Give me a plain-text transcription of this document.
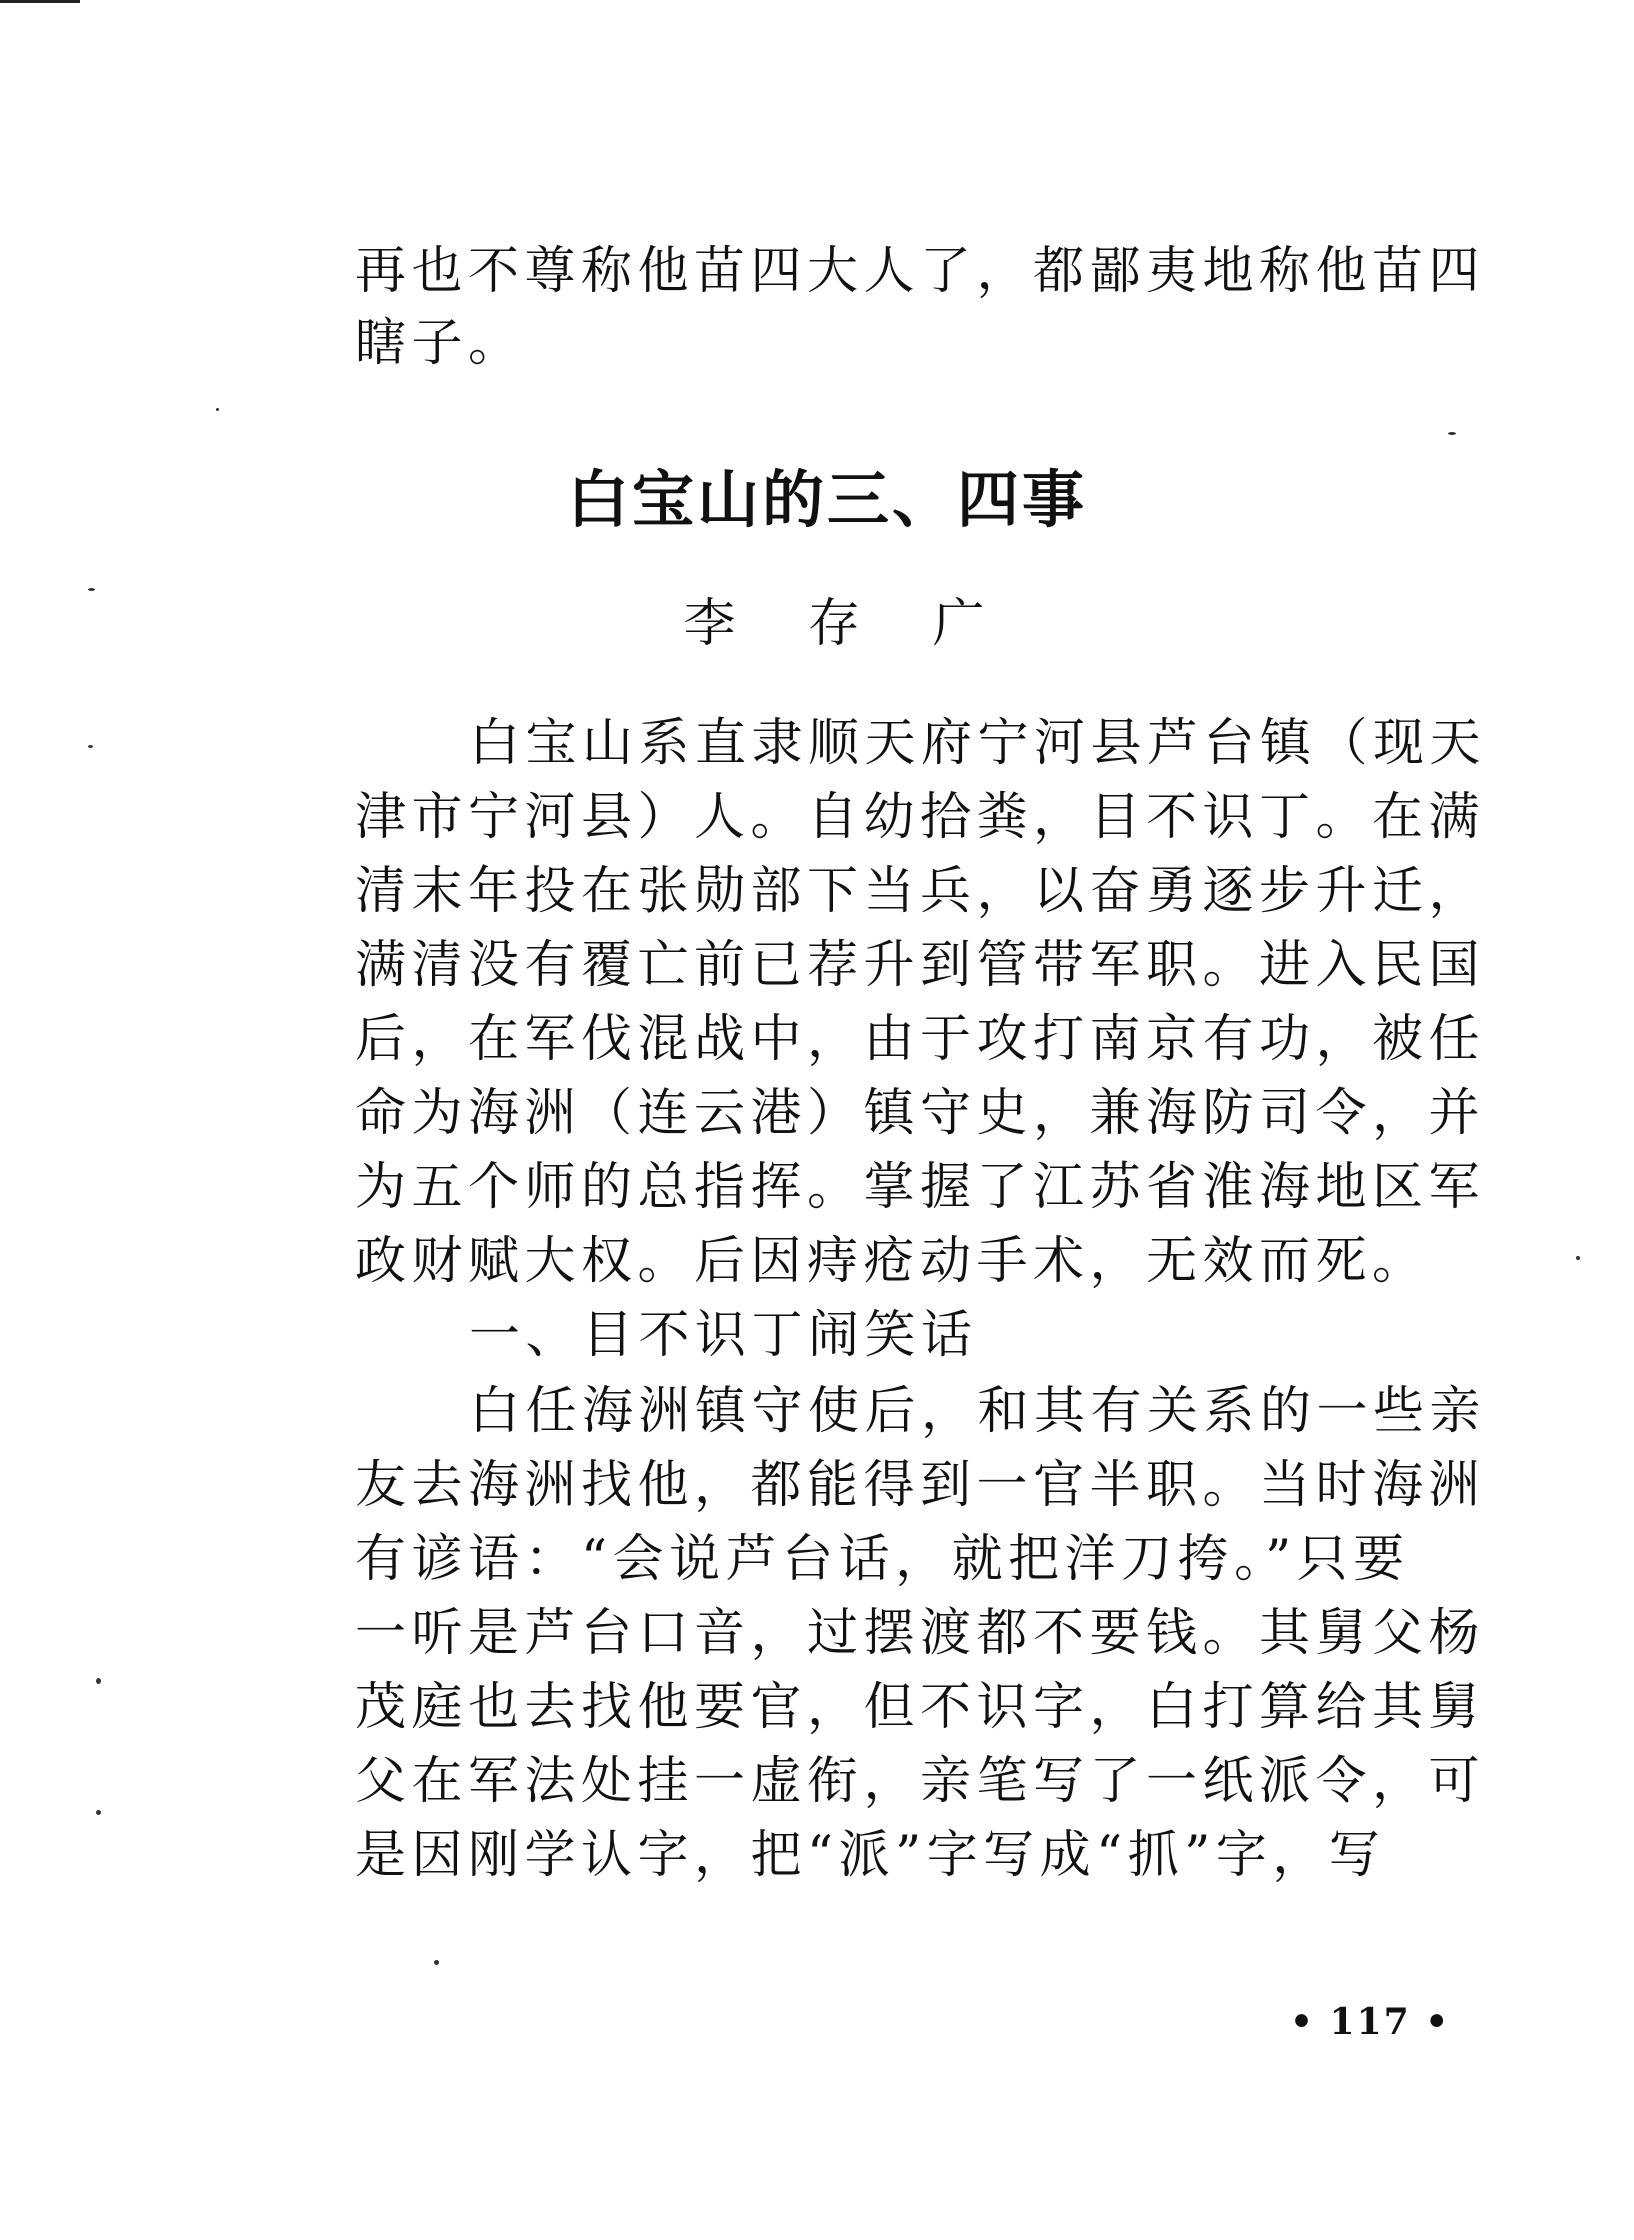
再也不尊称他苗四大人了，都鄙夷地称他苗四
瞎子。
白宝山的三、四事
李 存 广
白宝山系直隶顺天府宁河县芦台镇（现天
津市宁河县）人。自幼拾粪，目不识丁。在满
清末年投在张勋部下当兵，以奋勇逐步升迁，
满清没有覆亡前已荐升到管带军职。进入民国
后，在军伐混战中，由于攻打南京有功，被任
命为海洲（连云港）镇守史，兼海防司令，并
为五个师的总指挥。掌握了江苏省淮海地区军
政财赋大权。后因痔疮动手术，无效而死。
一、目不识丁闹笑话
白任海洲镇守使后，和其有关系的一些亲
友去海洲找他，都能得到一官半职。当时海洲
有谚语：“会说芦台话，就把洋刀挎。”只要
一听是芦台口音，过摆渡都不要钱。其舅父杨
茂庭也去找他要官，但不识字，白打算给其舅
父在军法处挂一虚衔，亲笔写了一纸派令，可
是因刚学认字，把“派”字写成“抓”字，写
• 117 •
